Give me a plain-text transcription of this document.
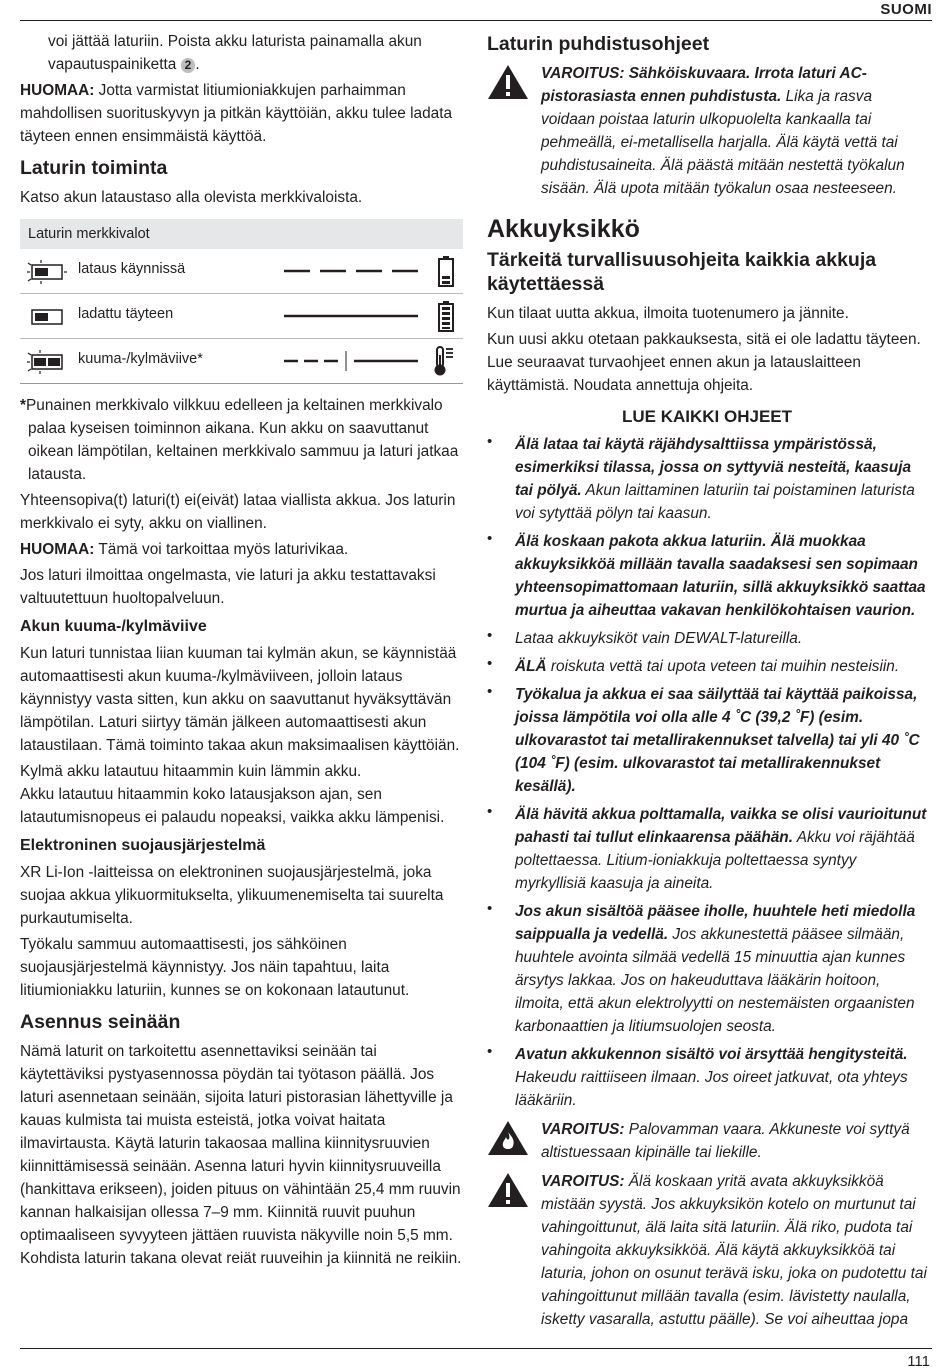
SUOMI

voi jättää laturiin. Poista akku laturista painamalla akun vapautuspainiketta 2 .

HUOMAA: Jotta varmistat litiumioniakkujen parhaimman mahdollisen suorituskyvyn ja pitkän käyttöiän, akku tulee ladata täyteen ennen ensimmäistä käyttöä.

Laturin toiminta

Katso akun lataustaso alla olevista merkkivaloista.

Laturin merkkivalot
lataus käynnissä
ladattu täyteen
kuuma-/kylmäviive*

*Punainen merkkivalo vilkkuu edelleen ja keltainen merkkivalo palaa kyseisen toiminnon aikana. Kun akku on saavuttanut oikean lämpötilan, keltainen merkkivalo sammuu ja laturi jatkaa latausta.

Yhteensopiva(t) laturi(t) ei(eivät) lataa viallista akkua. Jos laturin merkkivalo ei syty, akku on viallinen.

HUOMAA: Tämä voi tarkoittaa myös laturivikaa.

Jos laturi ilmoittaa ongelmasta, vie laturi ja akku testattavaksi valtuutettuun huoltopalveluun.

Akun kuuma-/kylmäviive

Kun laturi tunnistaa liian kuuman tai kylmän akun, se käynnistää automaattisesti akun kuuma-/kylmäviiveen, jolloin lataus käynnistyy vasta sitten, kun akku on saavuttanut hyväksyttävän lämpötilan. Laturi siirtyy tämän jälkeen automaattisesti akun lataustilaan. Tämä toiminto takaa akun maksimaalisen käyttöiän.

Kylmä akku latautuu hitaammin kuin lämmin akku.

Akku latautuu hitaammin koko latausjakson ajan, sen latautumisnopeus ei palaudu nopeaksi, vaikka akku lämpenisi.

Elektroninen suojausjärjestelmä

XR Li-Ion -laitteissa on elektroninen suojausjärjestelmä, joka suojaa akkua ylikuormitukselta, ylikuumenemiselta tai suurelta purkautumiselta.

Työkalu sammuu automaattisesti, jos sähköinen suojausjärjestelmä käynnistyy. Jos näin tapahtuu, laita litiumioniakku laturiin, kunnes se on kokonaan latautunut.

Asennus seinään

Nämä laturit on tarkoitettu asennettaviksi seinään tai käytettäviksi pystyasennossa pöydän tai työtason päällä. Jos laturi asennetaan seinään, sijoita laturi pistorasian lähettyville ja kauas kulmista tai muista esteistä, jotka voivat haitata ilmavirtausta. Käytä laturin takaosaa mallina kiinnitysruuvien kiinnittämisessä seinään. Asenna laturi hyvin kiinnitysruuveilla (hankittava erikseen), joiden pituus on vähintään 25,4 mm ruuvin kannan halkaisijan ollessa 7–9 mm. Kiinnitä ruuvit puuhun optimaaliseen syvyyteen jättäen ruuvista näkyville noin 5,5 mm. Kohdista laturin takana olevat reiät ruuveihin ja kiinnitä ne reikiin.

Laturin puhdistusohjeet

VAROITUS: Sähköiskuvaara. Irrota laturi AC-pistorasiasta ennen puhdistusta. Lika ja rasva voidaan poistaa laturin ulkopuolelta kankaalla tai pehmeällä, ei-metallisella harjalla. Älä käytä vettä tai puhdistusaineita. Älä päästä mitään nestettä työkalun sisään. Älä upota mitään työkalun osaa nesteeseen.

Akkuyksikkö
Tärkeitä turvallisuusohjeita kaikkia akkuja käytettäessä

Kun tilaat uutta akkua, ilmoita tuotenumero ja jännite.

Kun uusi akku otetaan pakkauksesta, sitä ei ole ladattu täyteen. Lue seuraavat turvaohjeet ennen akun ja latauslaitteen käyttämistä. Noudata annettuja ohjeita.

LUE KAIKKI OHJEET
• Älä lataa tai käytä räjähdysalttiissa ympäristössä, esimerkiksi tilassa, jossa on syttyviä nesteitä, kaasuja tai pölyä. Akun laittaminen laturiin tai poistaminen laturista voi sytyttää pölyn tai kaasun.

• Älä koskaan pakota akkua laturiin. Älä muokkaa akkuyksikköä millään tavalla saadaksesi sen sopimaan yhteensopimattomaan laturiin, sillä akkuyksikkö saattaa murtua ja aiheuttaa vakavan henkilökohtaisen vaurion.

• Lataa akkuyksiköt vain DEWALT-latureilla.

• ÄLÄ roiskuta vettä tai upota veteen tai muihin nesteisiin.

• Työkalua ja akkua ei saa säilyttää tai käyttää paikoissa, joissa lämpötila voi olla alle 4 ˚C (39,2 ˚F) (esim. ulkovarastot tai metallirakennukset talvella) tai yli 40 ˚C (104 ˚F) (esim. ulkovarastot tai metallirakennukset kesällä).

• Älä hävitä akkua polttamalla, vaikka se olisi vaurioitunut pahasti tai tullut elinkaarensa päähän. Akku voi räjähtää poltettaessa. Litium-ioniakkuja poltettaessa syntyy myrkyllisiä kaasuja ja aineita.

• Jos akun sisältöä pääsee iholle, huuhtele heti miedolla saippualla ja vedellä. Jos akkunestettä pääsee silmään, huuhtele avointa silmää vedellä 15 minuuttia ajan kunnes ärsytys lakkaa. Jos on hakeuduttava lääkärin hoitoon, ilmoita, että akun elektrolyytti on nestemäisten orgaanisten karbonaattien ja litiumsuolojen seosta.

• Avatun akkukennon sisältö voi ärsyttää hengitysteitä. Hakeudu raittiiseen ilmaan. Jos oireet jatkuvat, ota yhteys lääkäriin.

VAROITUS: Palovamman vaara. Akkuneste voi syttyä altistuessaan kipinälle tai liekille.

VAROITUS: Älä koskaan yritä avata akkuyksikköä mistään syystä. Jos akkuyksikön kotelo on murtunut tai vahingoittunut, älä laita sitä laturiin. Älä riko, pudota tai vahingoita akkuyksikköä. Älä käytä akkuyksikköä tai laturia, johon on osunut terävä isku, joka on pudotettu tai vahingoittunut millään tavalla (esim. lävistetty naulalla, isketty vasaralla, astuttu päälle). Se voi aiheuttaa jopa

111
